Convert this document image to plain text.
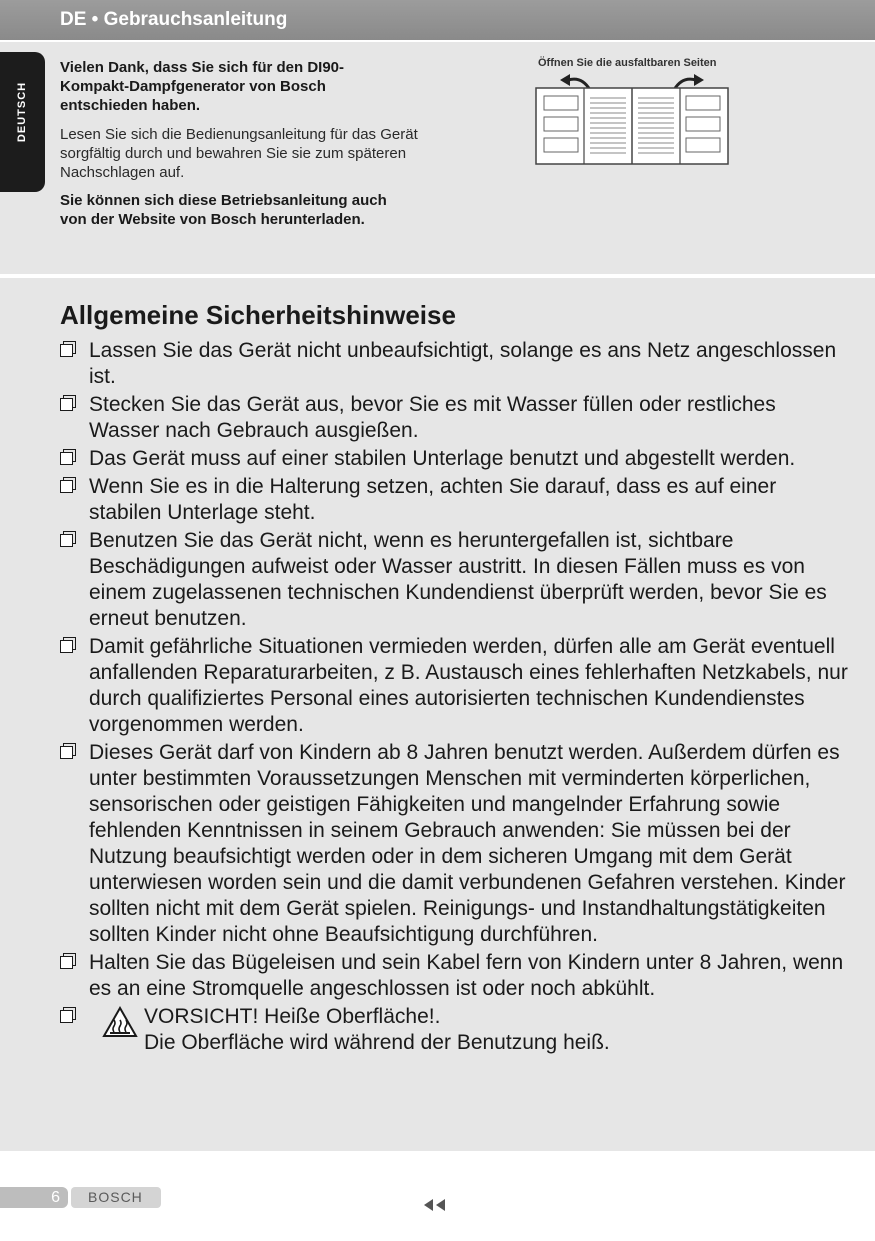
DE • Gebrauchsanleitung
DEUTSCH

Vielen Dank, dass Sie sich für den DI90-Kompakt-Dampfgenerator von Bosch entschieden haben.

Lesen Sie sich die Bedienungsanleitung für das Gerät sorgfältig durch und bewahren Sie sie zum späteren Nachschlagen auf.

Sie können sich diese Betriebsanleitung auch von der Website von Bosch herunterladen.

Öffnen Sie die ausfaltbaren Seiten
Allgemeine Sicherheitshinweise
Lassen Sie das Gerät nicht unbeaufsichtigt, solange es ans Netz angeschlossen ist.
Stecken Sie das Gerät aus, bevor Sie es mit Wasser füllen oder restliches Wasser nach Gebrauch ausgießen.
Das Gerät muss auf einer stabilen Unterlage benutzt und abgestellt werden.
Wenn Sie es in die Halterung setzen, achten Sie darauf, dass es auf einer stabilen Unterlage steht.
Benutzen Sie das Gerät nicht, wenn es heruntergefallen ist, sichtbare Beschädigungen aufweist oder Wasser austritt. In diesen Fällen muss es von einem zugelassenen technischen Kundendienst überprüft werden, bevor Sie es erneut benutzen.
Damit gefährliche Situationen vermieden werden, dürfen alle am Gerät eventuell anfallenden Reparaturarbeiten, z B. Austausch eines fehlerhaften Netzkabels, nur durch qualifiziertes Personal eines autorisierten technischen Kundendienstes vorgenommen werden.
Dieses Gerät darf von Kindern ab 8 Jahren benutzt werden. Außerdem dürfen es unter bestimmten Voraussetzungen Menschen mit verminderten körperlichen, sensorischen oder geistigen Fähigkeiten und mangelnder Erfahrung sowie fehlenden Kenntnissen in seinem Gebrauch anwenden: Sie müssen bei der Nutzung beaufsichtigt werden oder in dem sicheren Umgang mit dem Gerät unterwiesen worden sein und die damit verbundenen Gefahren verstehen. Kinder sollten nicht mit dem Gerät spielen. Reinigungs- und Instandhaltungstätigkeiten sollten Kinder nicht ohne Beaufsichtigung durchführen.
Halten Sie das Bügeleisen und sein Kabel fern von Kindern unter 8 Jahren, wenn es an eine Stromquelle angeschlossen ist oder noch abkühlt.
VORSICHT! Heiße Oberfläche!.
Die Oberfläche wird während der Benutzung heiß.
6 BOSCH
